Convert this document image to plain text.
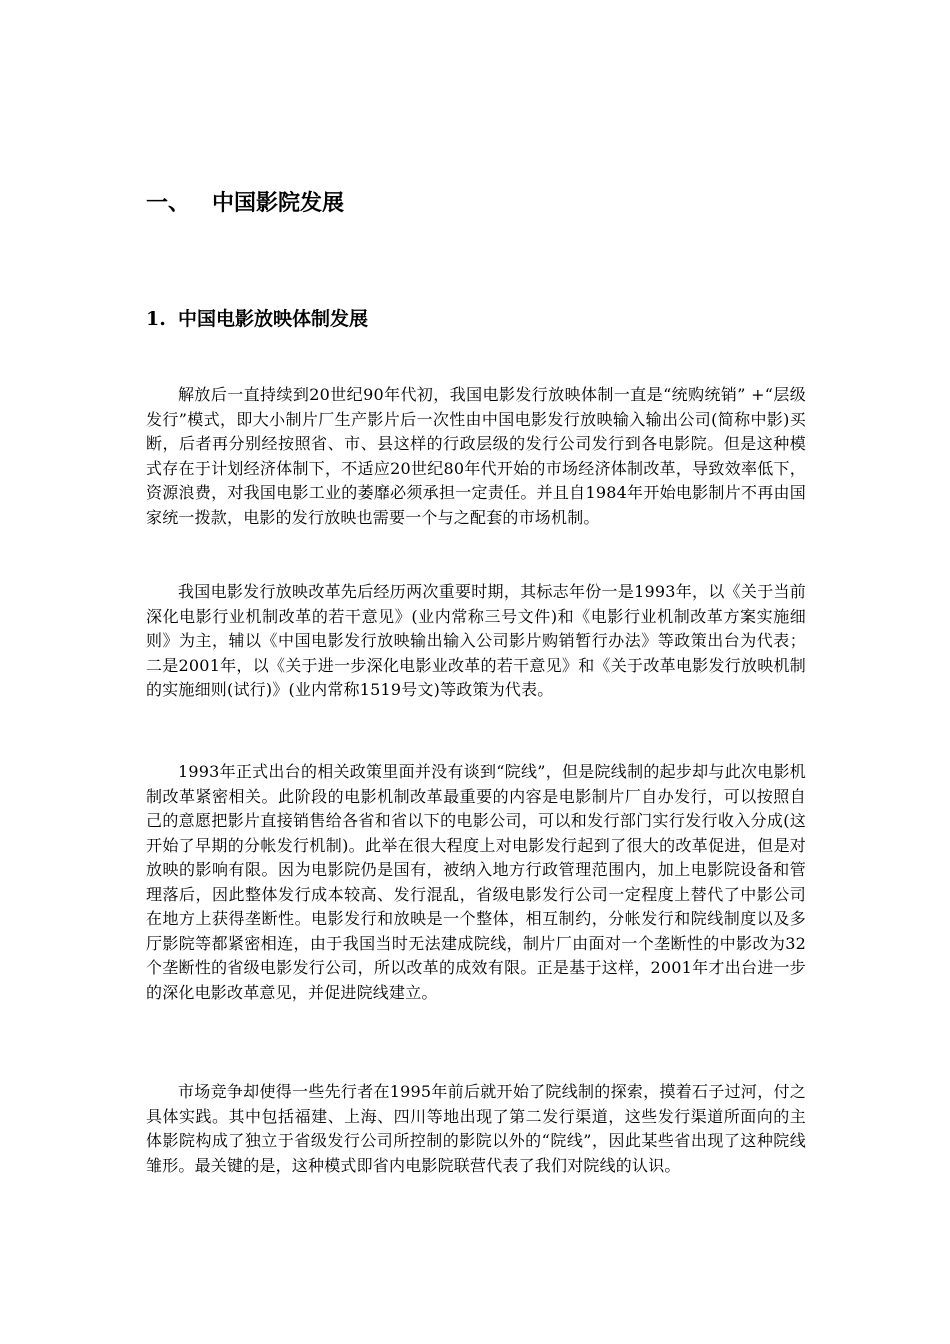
一、 中国影院发展
1. 中国电影放映体制发展

解放后一直持续到20世纪90年代初，我国电影发行放映体制一直是“统购统销” +“层级发行”模式，即大小制片厂生产影片后一次性由中国电影发行放映输入输出公司(简称中影)买断，后者再分别经按照省、市、县这样的行政层级的发行公司发行到各电影院。但是这种模式存在于计划经济体制下，不适应20世纪80年代开始的市场经济体制改革，导致效率低下，资源浪费，对我国电影工业的萎靡必须承担一定责任。并且自1984年开始电影制片不再由国家统一拨款，电影的发行放映也需要一个与之配套的市场机制。

我国电影发行放映改革先后经历两次重要时期，其标志年份一是1993年，以《关于当前深化电影行业机制改革的若干意见》(业内常称三号文件)和《电影行业机制改革方案实施细则》为主，辅以《中国电影发行放映输出输入公司影片购销暂行办法》等政策出台为代表；二是2001年，以《关于进一步深化电影业改革的若干意见》和《关于改革电影发行放映机制的实施细则(试行)》(业内常称1519号文)等政策为代表。

1993年正式出台的相关政策里面并没有谈到“院线”，但是院线制的起步却与此次电影机制改革紧密相关。此阶段的电影机制改革最重要的内容是电影制片厂自办发行，可以按照自己的意愿把影片直接销售给各省和省以下的电影公司，可以和发行部门实行发行收入分成(这开始了早期的分帐发行机制)。此举在很大程度上对电影发行起到了很大的改革促进，但是对放映的影响有限。因为电影院仍是国有，被纳入地方行政管理范围内，加上电影院设备和管理落后，因此整体发行成本较高、发行混乱，省级电影发行公司一定程度上替代了中影公司在地方上获得垄断性。电影发行和放映是一个整体，相互制约，分帐发行和院线制度以及多厅影院等都紧密相连，由于我国当时无法建成院线，制片厂由面对一个垄断性的中影改为32个垄断性的省级电影发行公司，所以改革的成效有限。正是基于这样，2001年才出台进一步的深化电影改革意见，并促进院线建立。

市场竞争却使得一些先行者在1995年前后就开始了院线制的探索，摸着石子过河，付之具体实践。其中包括福建、上海、四川等地出现了第二发行渠道，这些发行渠道所面向的主体影院构成了独立于省级发行公司所控制的影院以外的“院线”，因此某些省出现了这种院线雏形。最关键的是，这种模式即省内电影院联营代表了我们对院线的认识。
